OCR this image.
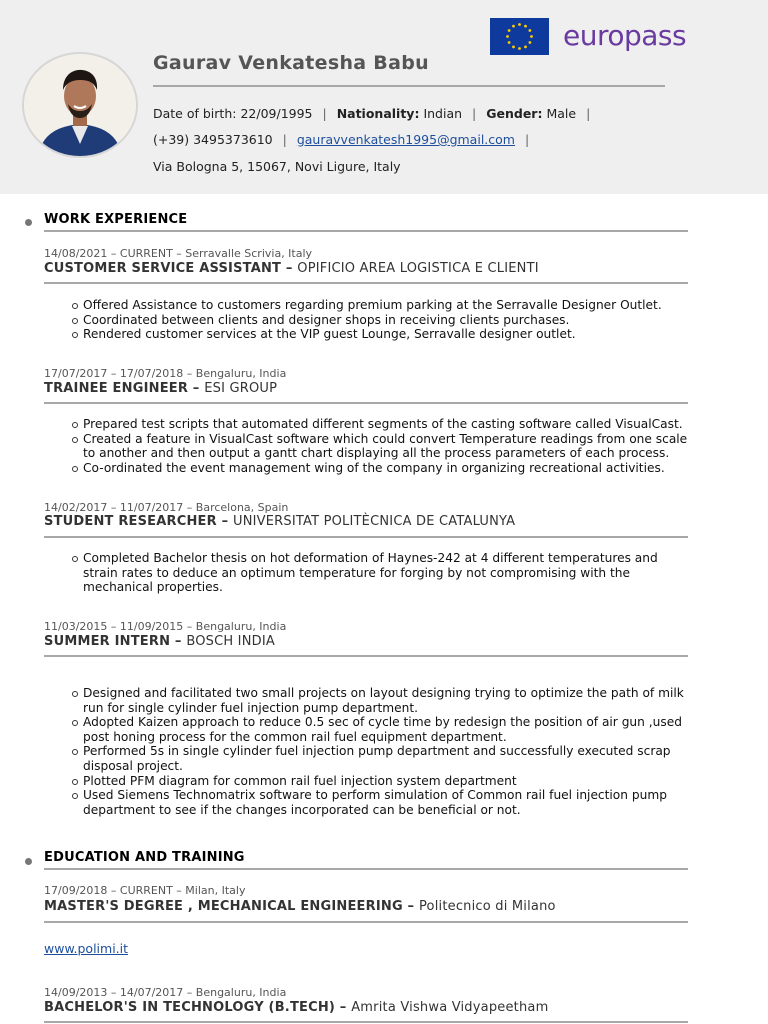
Gaurav Venkatesha Babu
Date of birth: 22/09/1995 | Nationality: Indian | Gender: Male |
(+39) 3495373610 | gauravvenkatesh1995@gmail.com |
Via Bologna 5, 15067, Novi Ligure, Italy
europass
WORK EXPERIENCE
14/08/2021 – CURRENT – Serravalle Scrivia, Italy
CUSTOMER SERVICE ASSISTANT – OPIFICIO AREA LOGISTICA E CLIENTI
Offered Assistance to customers regarding premium parking at the Serravalle Designer Outlet.
Coordinated between clients and designer shops in receiving clients purchases.
Rendered customer services at the VIP guest Lounge, Serravalle designer outlet.
17/07/2017 – 17/07/2018 – Bengaluru, India
TRAINEE ENGINEER – ESI GROUP
Prepared test scripts that automated different segments of the casting software called VisualCast.
Created a feature in VisualCast software which could convert Temperature readings from one scale to another and then output a gantt chart displaying all the process parameters of each process.
Co-ordinated the event management wing of the company in organizing recreational activities.
14/02/2017 – 11/07/2017 – Barcelona, Spain
STUDENT RESEARCHER – UNIVERSITAT POLITÈCNICA DE CATALUNYA
Completed Bachelor thesis on hot deformation of Haynes-242 at 4 different temperatures and strain rates to deduce an optimum temperature for forging by not compromising with the mechanical properties.
11/03/2015 – 11/09/2015 – Bengaluru, India
SUMMER INTERN – BOSCH INDIA
Designed and facilitated two small projects on layout designing trying to optimize the path of milk run for single cylinder fuel injection pump department.
Adopted Kaizen approach to reduce 0.5 sec of cycle time by redesign the position of air gun ,used post honing process for the common rail fuel equipment department.
Performed 5s in single cylinder fuel injection pump department and successfully executed scrap disposal project.
Plotted PFM diagram for common rail fuel injection system department
Used Siemens Technomatrix software to perform simulation of Common rail fuel injection pump department to see if the changes incorporated can be beneficial or not.
EDUCATION AND TRAINING
17/09/2018 – CURRENT – Milan, Italy
MASTER'S DEGREE , MECHANICAL ENGINEERING – Politecnico di Milano
www.polimi.it
14/09/2013 – 14/07/2017 – Bengaluru, India
BACHELOR'S IN TECHNOLOGY (B.TECH) – Amrita Vishwa Vidyapeetham
